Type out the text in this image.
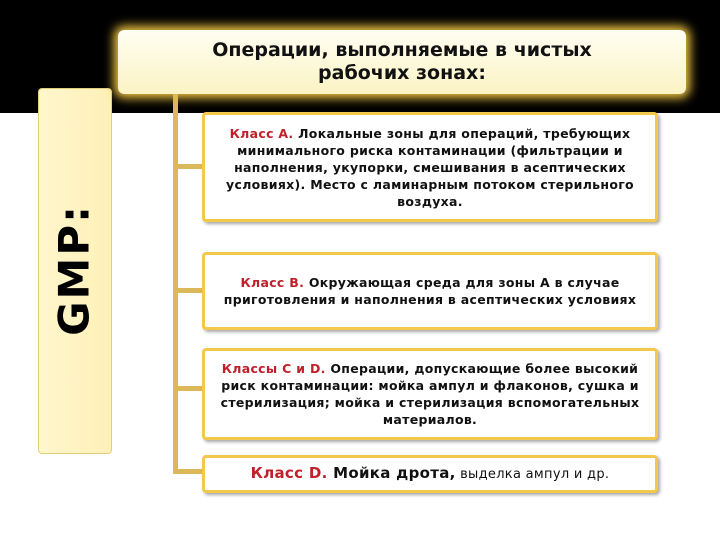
GMP:
Операции, выполняемые в чистых
рабочих зонах:
Класс А. Локальные зоны для операций, требующих минимального риска контаминации (фильтрации и наполнения, укупорки, смешивания в асептических условиях). Место с ламинарным потоком стерильного воздуха.
Класс В. Окружающая среда для зоны А в случае приготовления и наполнения в асептических условиях
Классы С и D. Операции, допускающие более высокий риск контаминации: мойка ампул и флаконов, сушка и стерилизация; мойка и стерилизация вспомогательных материалов.
Класс D. Мойка дрота, выделка ампул и др.
